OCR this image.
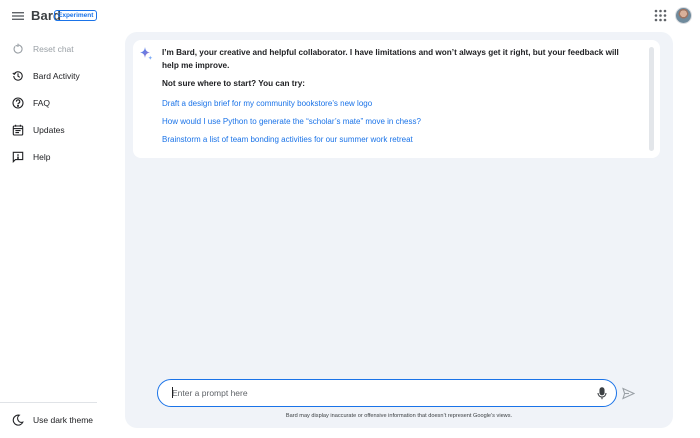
Bard
Experiment
Reset chat
Bard Activity
FAQ
Updates
Help
Use dark theme
I’m Bard, your creative and helpful collaborator. I have limitations and won’t always get it right, but your feedback will help me improve.
Not sure where to start? You can try:
Draft a design brief for my community bookstore’s new logo
How would I use Python to generate the “scholar’s mate” move in chess?
Brainstorm a list of team bonding activities for our summer work retreat
Enter a prompt here
Bard may display inaccurate or offensive information that doesn’t represent Google’s views.
